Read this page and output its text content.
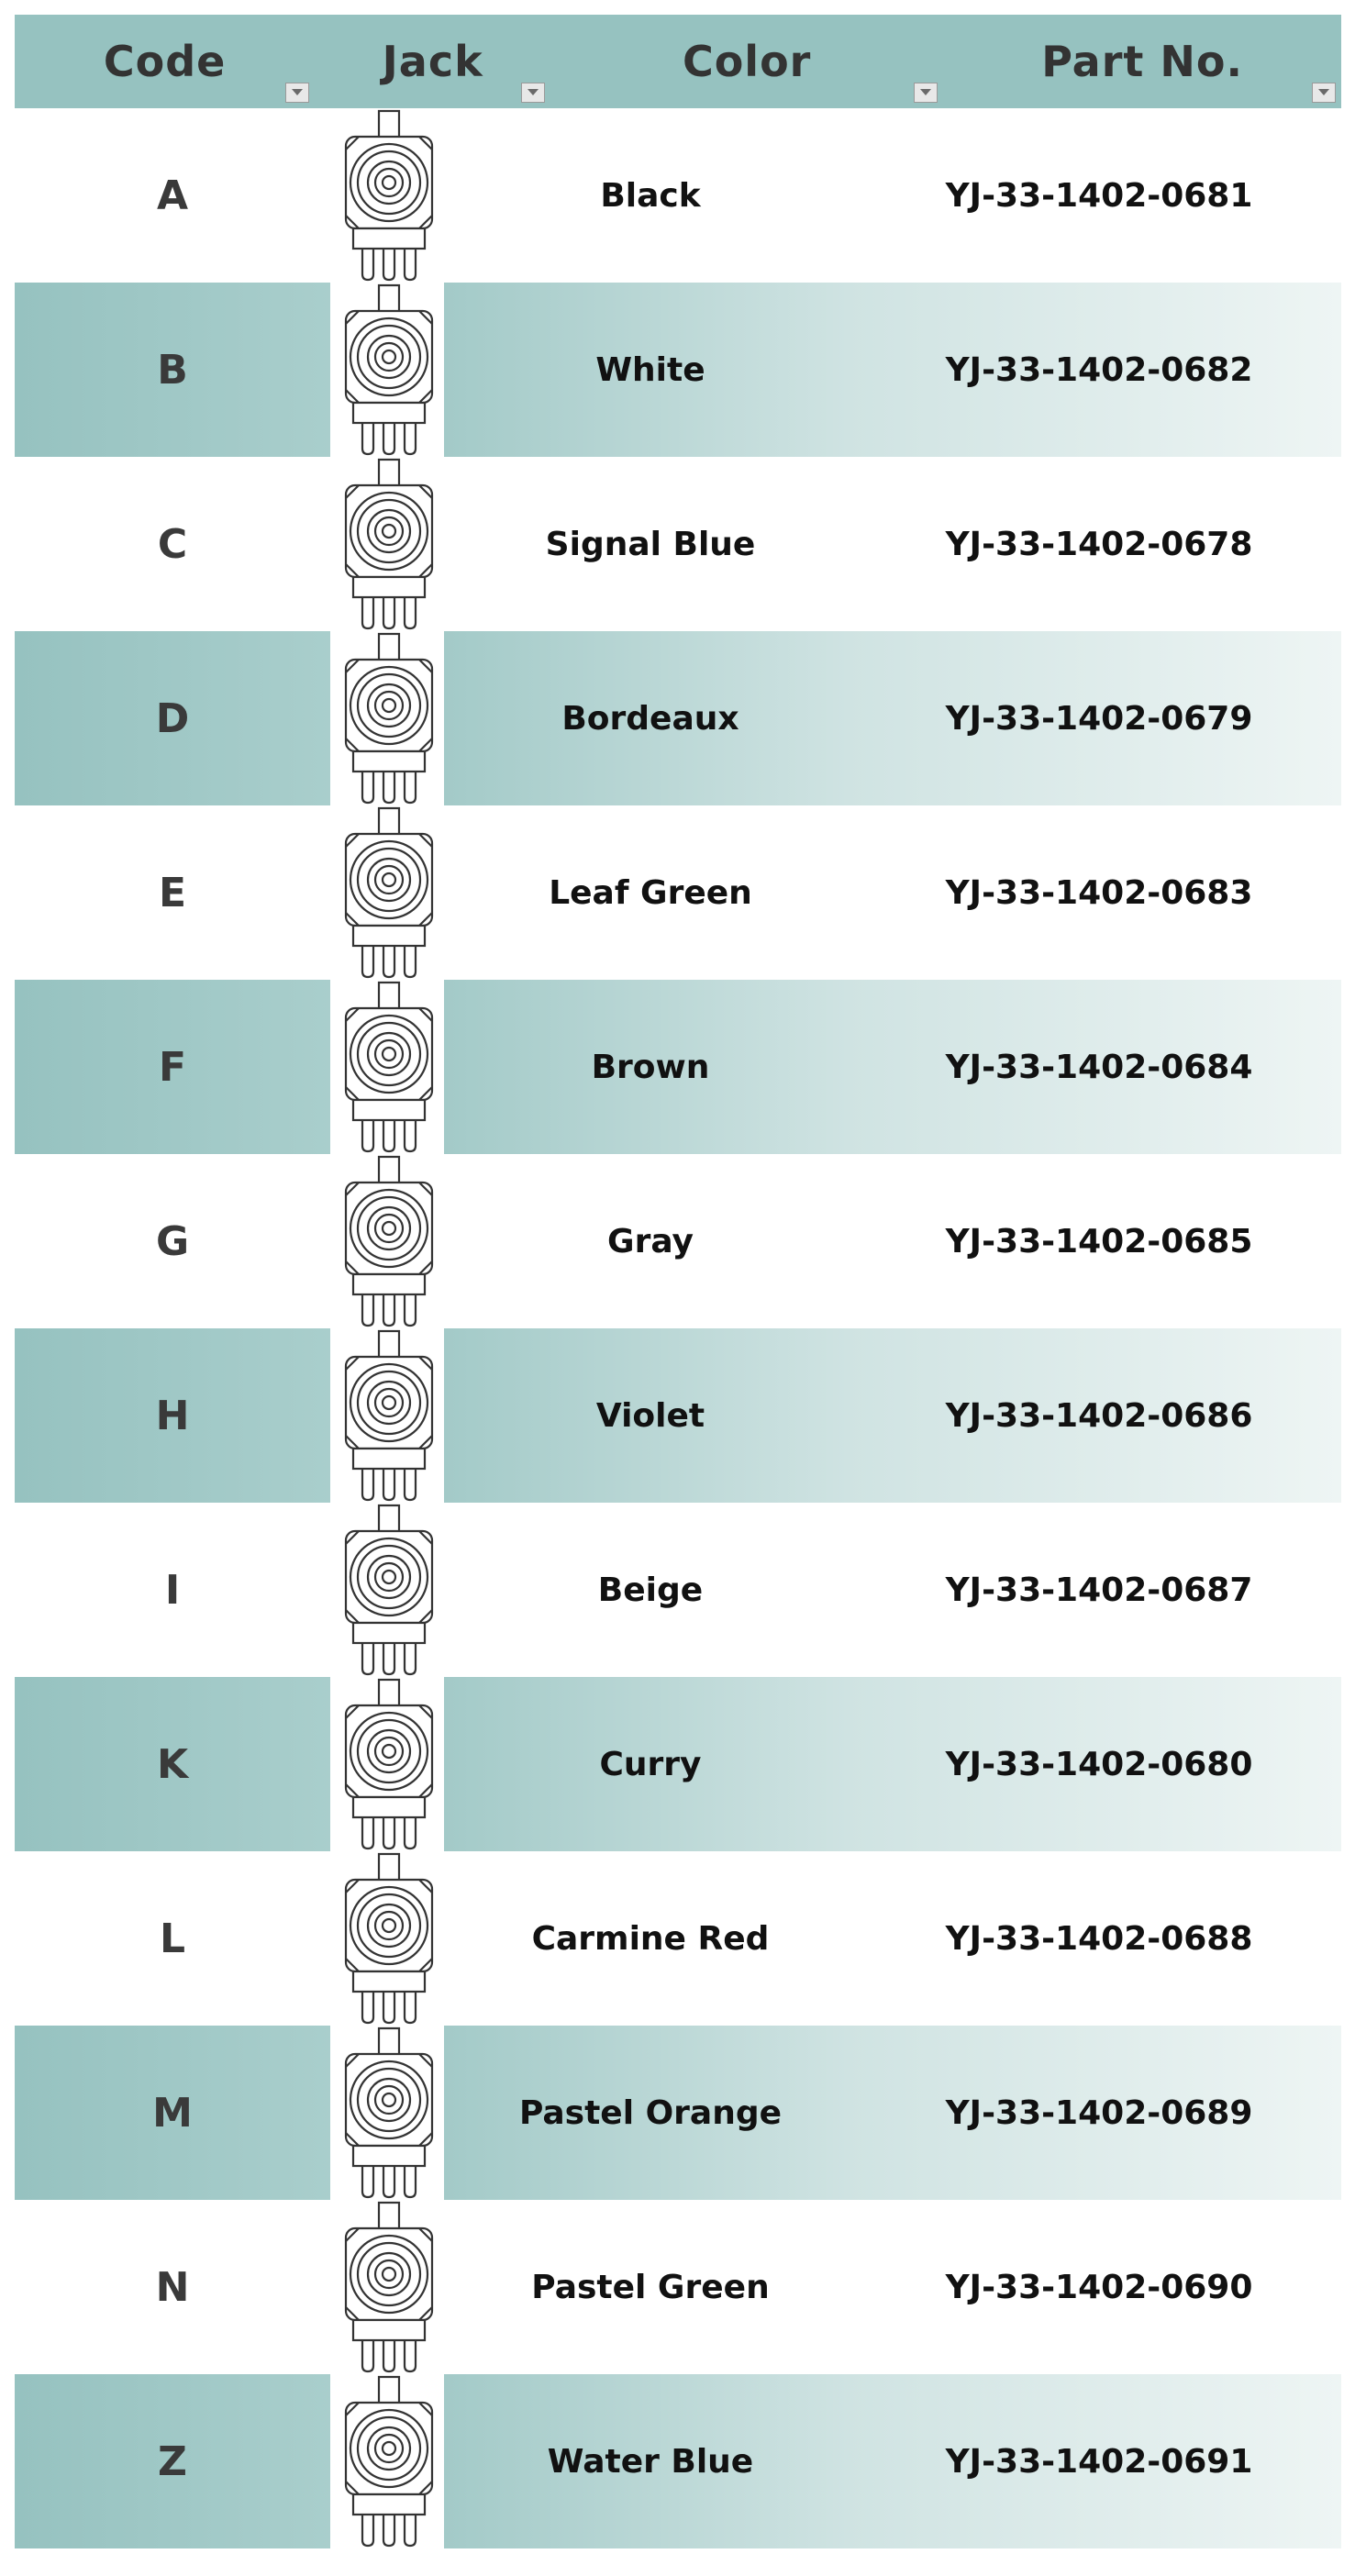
Code	Jack	Color	Part No.
A	Black	YJ-33-1402-0681
B	White	YJ-33-1402-0682
C	Signal Blue	YJ-33-1402-0678
D	Bordeaux	YJ-33-1402-0679
E	Leaf Green	YJ-33-1402-0683
F	Brown	YJ-33-1402-0684
G	Gray	YJ-33-1402-0685
H	Violet	YJ-33-1402-0686
I	Beige	YJ-33-1402-0687
K	Curry	YJ-33-1402-0680
L	Carmine Red	YJ-33-1402-0688
M	Pastel Orange	YJ-33-1402-0689
N	Pastel Green	YJ-33-1402-0690
Z	Water Blue	YJ-33-1402-0691
